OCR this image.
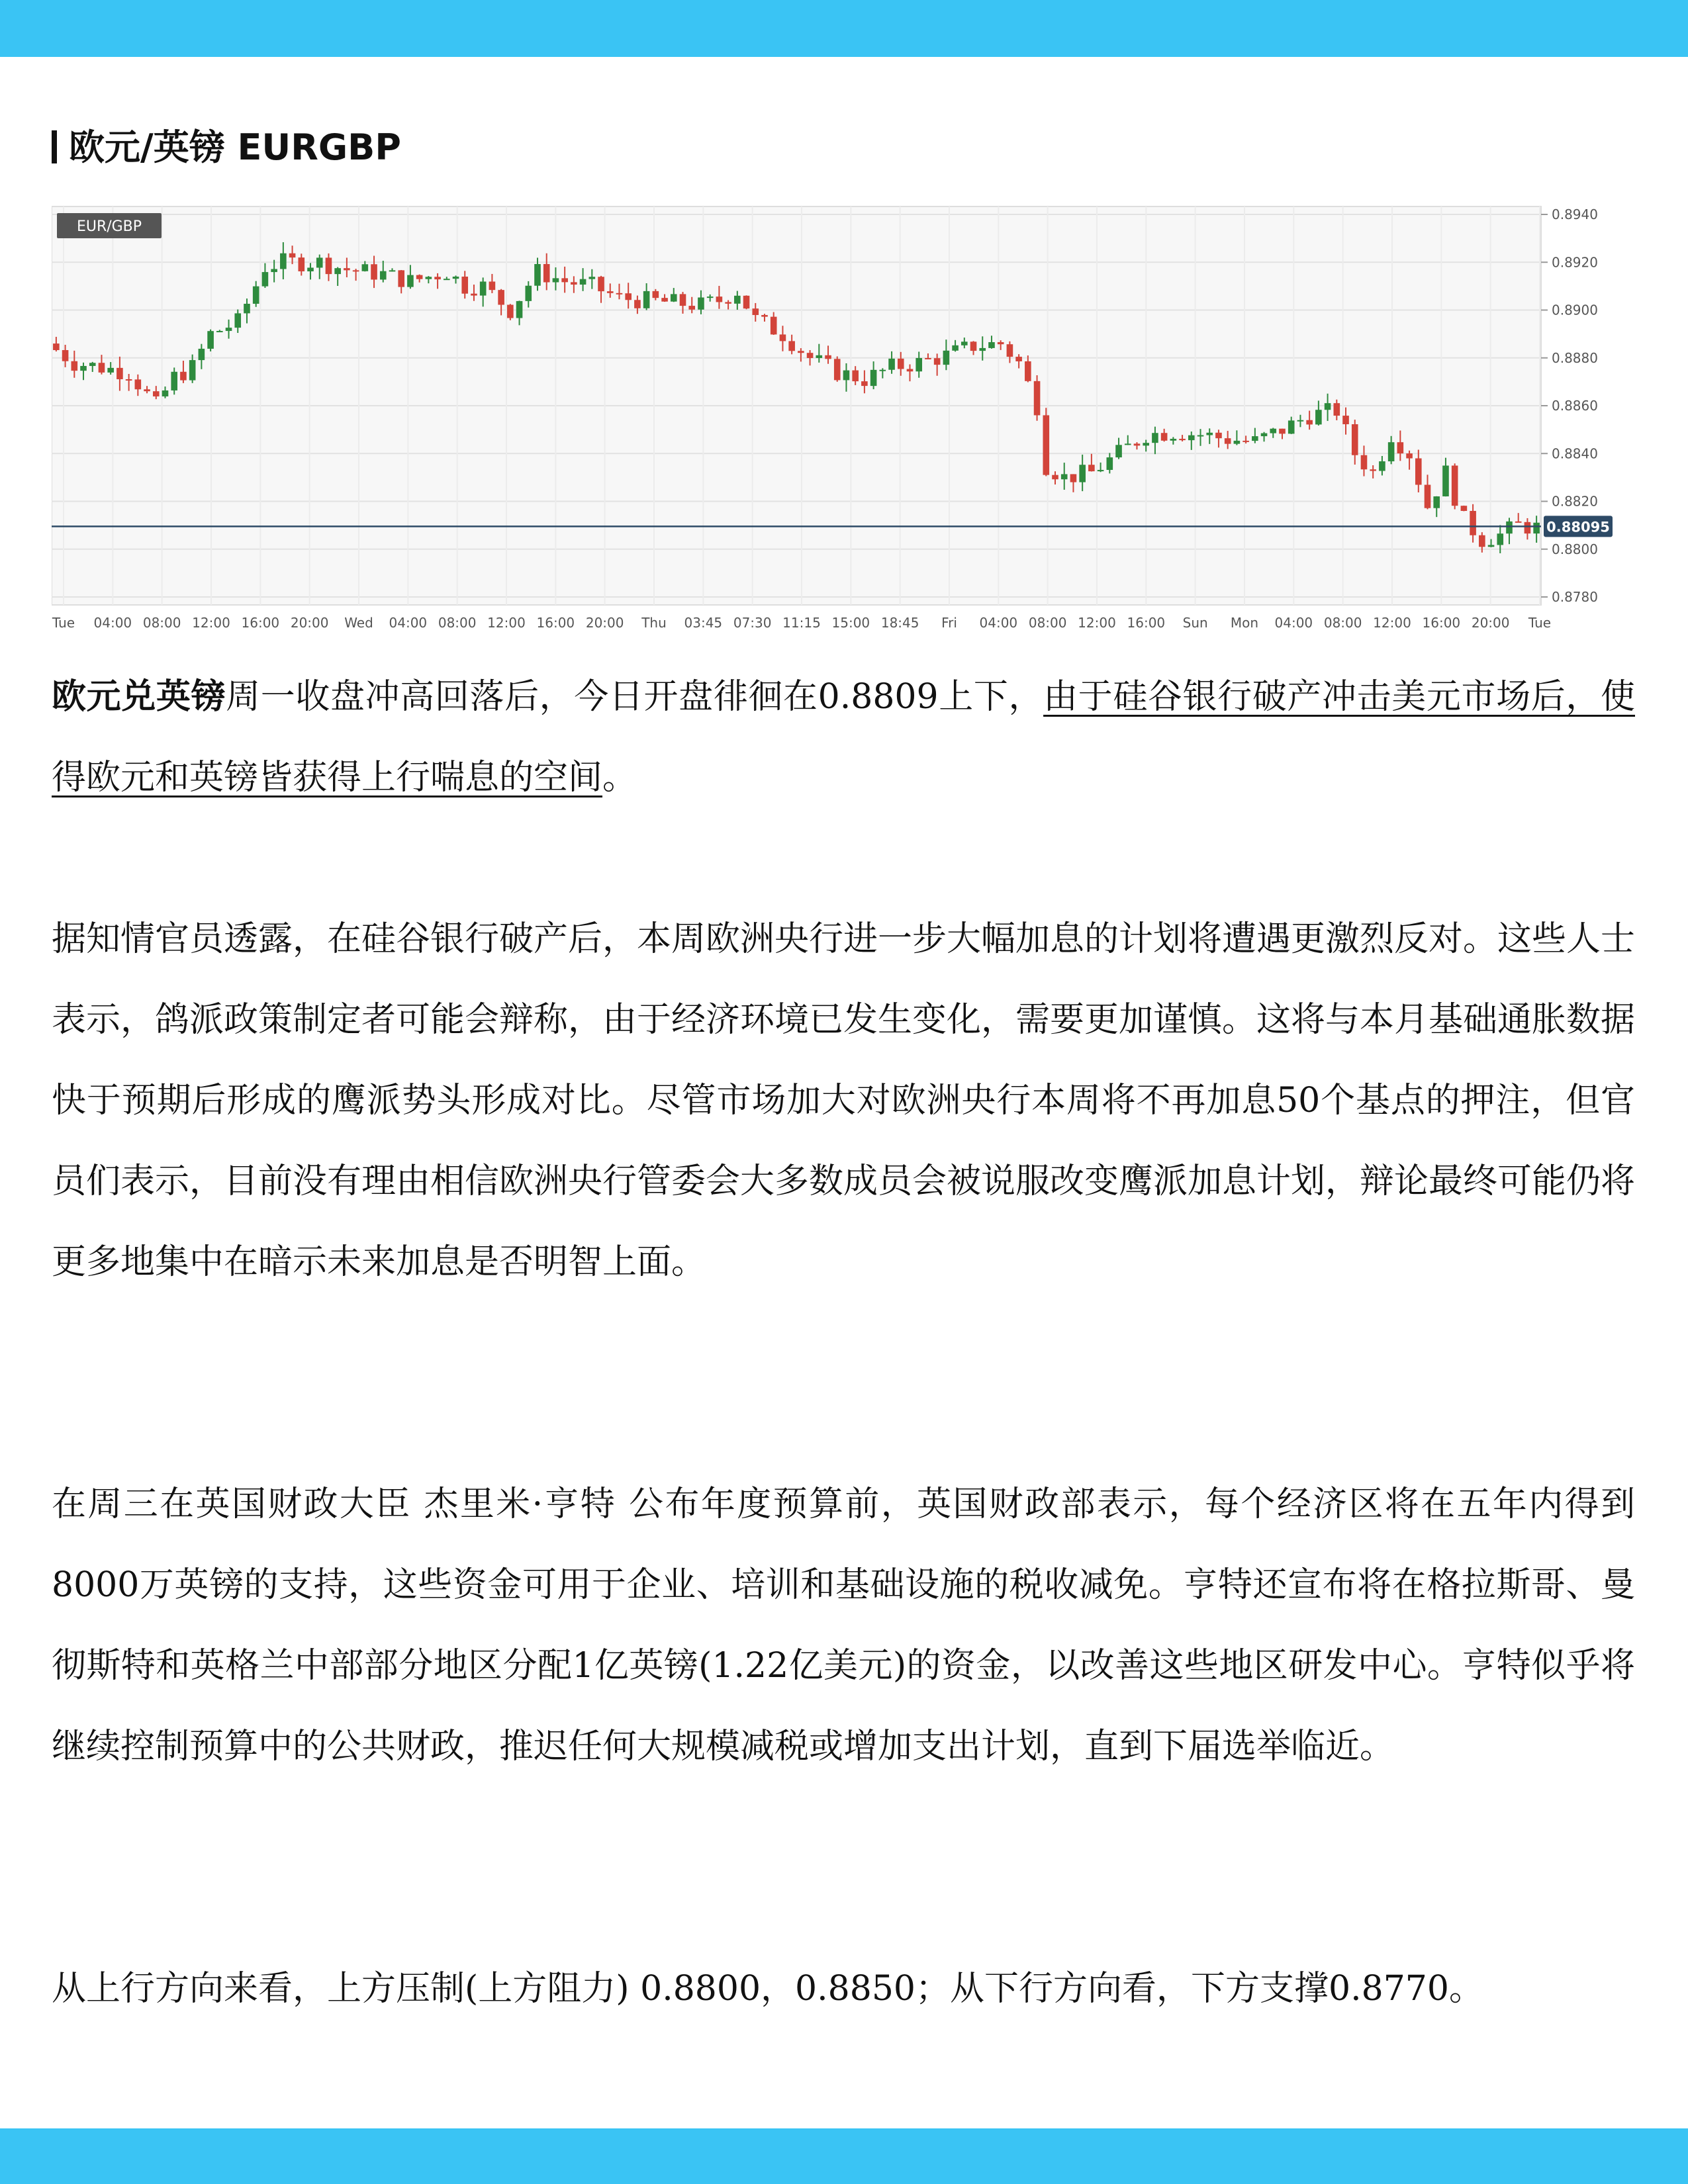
欧元/英镑 EURGBP
0.8940
0.8920
0.8900
0.8880
0.8860
0.8840
0.8820
0.8800
0.8780
Tue 04:00 08:00 12:00 16:00 20:00 Wed 04:00 08:00 12:00 16:00 20:00 Thu 03:45 07:30 11:15 15:00 18:45 Fri 04:00 08:00 12:00 16:00 Sun Mon 04:00 08:00 12:00 16:00 20:00 Tue
EUR/GBP
0.88095

欧元兑英镑周一收盘冲高回落后，今日开盘徘徊在0.8809上下，由于硅谷银行破产冲击美元市场后，使得欧元和英镑皆获得上行喘息的空间。

据知情官员透露，在硅谷银行破产后，本周欧洲央行进一步大幅加息的计划将遭遇更激烈反对。这些人士表示，鸽派政策制定者可能会辩称，由于经济环境已发生变化，需要更加谨慎。这将与本月基础通胀数据快于预期后形成的鹰派势头形成对比。尽管市场加大对欧洲央行本周将不再加息50个基点的押注，但官员们表示，目前没有理由相信欧洲央行管委会大多数成员会被说服改变鹰派加息计划，辩论最终可能仍将更多地集中在暗示未来加息是否明智上面。

在周三在英国财政大臣 杰里米·亨特 公布年度预算前，英国财政部表示，每个经济区将在五年内得到8000万英镑的支持，这些资金可用于企业、培训和基础设施的税收减免。亨特还宣布将在格拉斯哥、曼彻斯特和英格兰中部部分地区分配1亿英镑(1.22亿美元)的资金，以改善这些地区研发中心。亨特似乎将继续控制预算中的公共财政，推迟任何大规模减税或增加支出计划，直到下届选举临近。

从上行方向来看，上方压制(上方阻力) 0.8800，0.8850；从下行方向看，下方支撑0.8770。
